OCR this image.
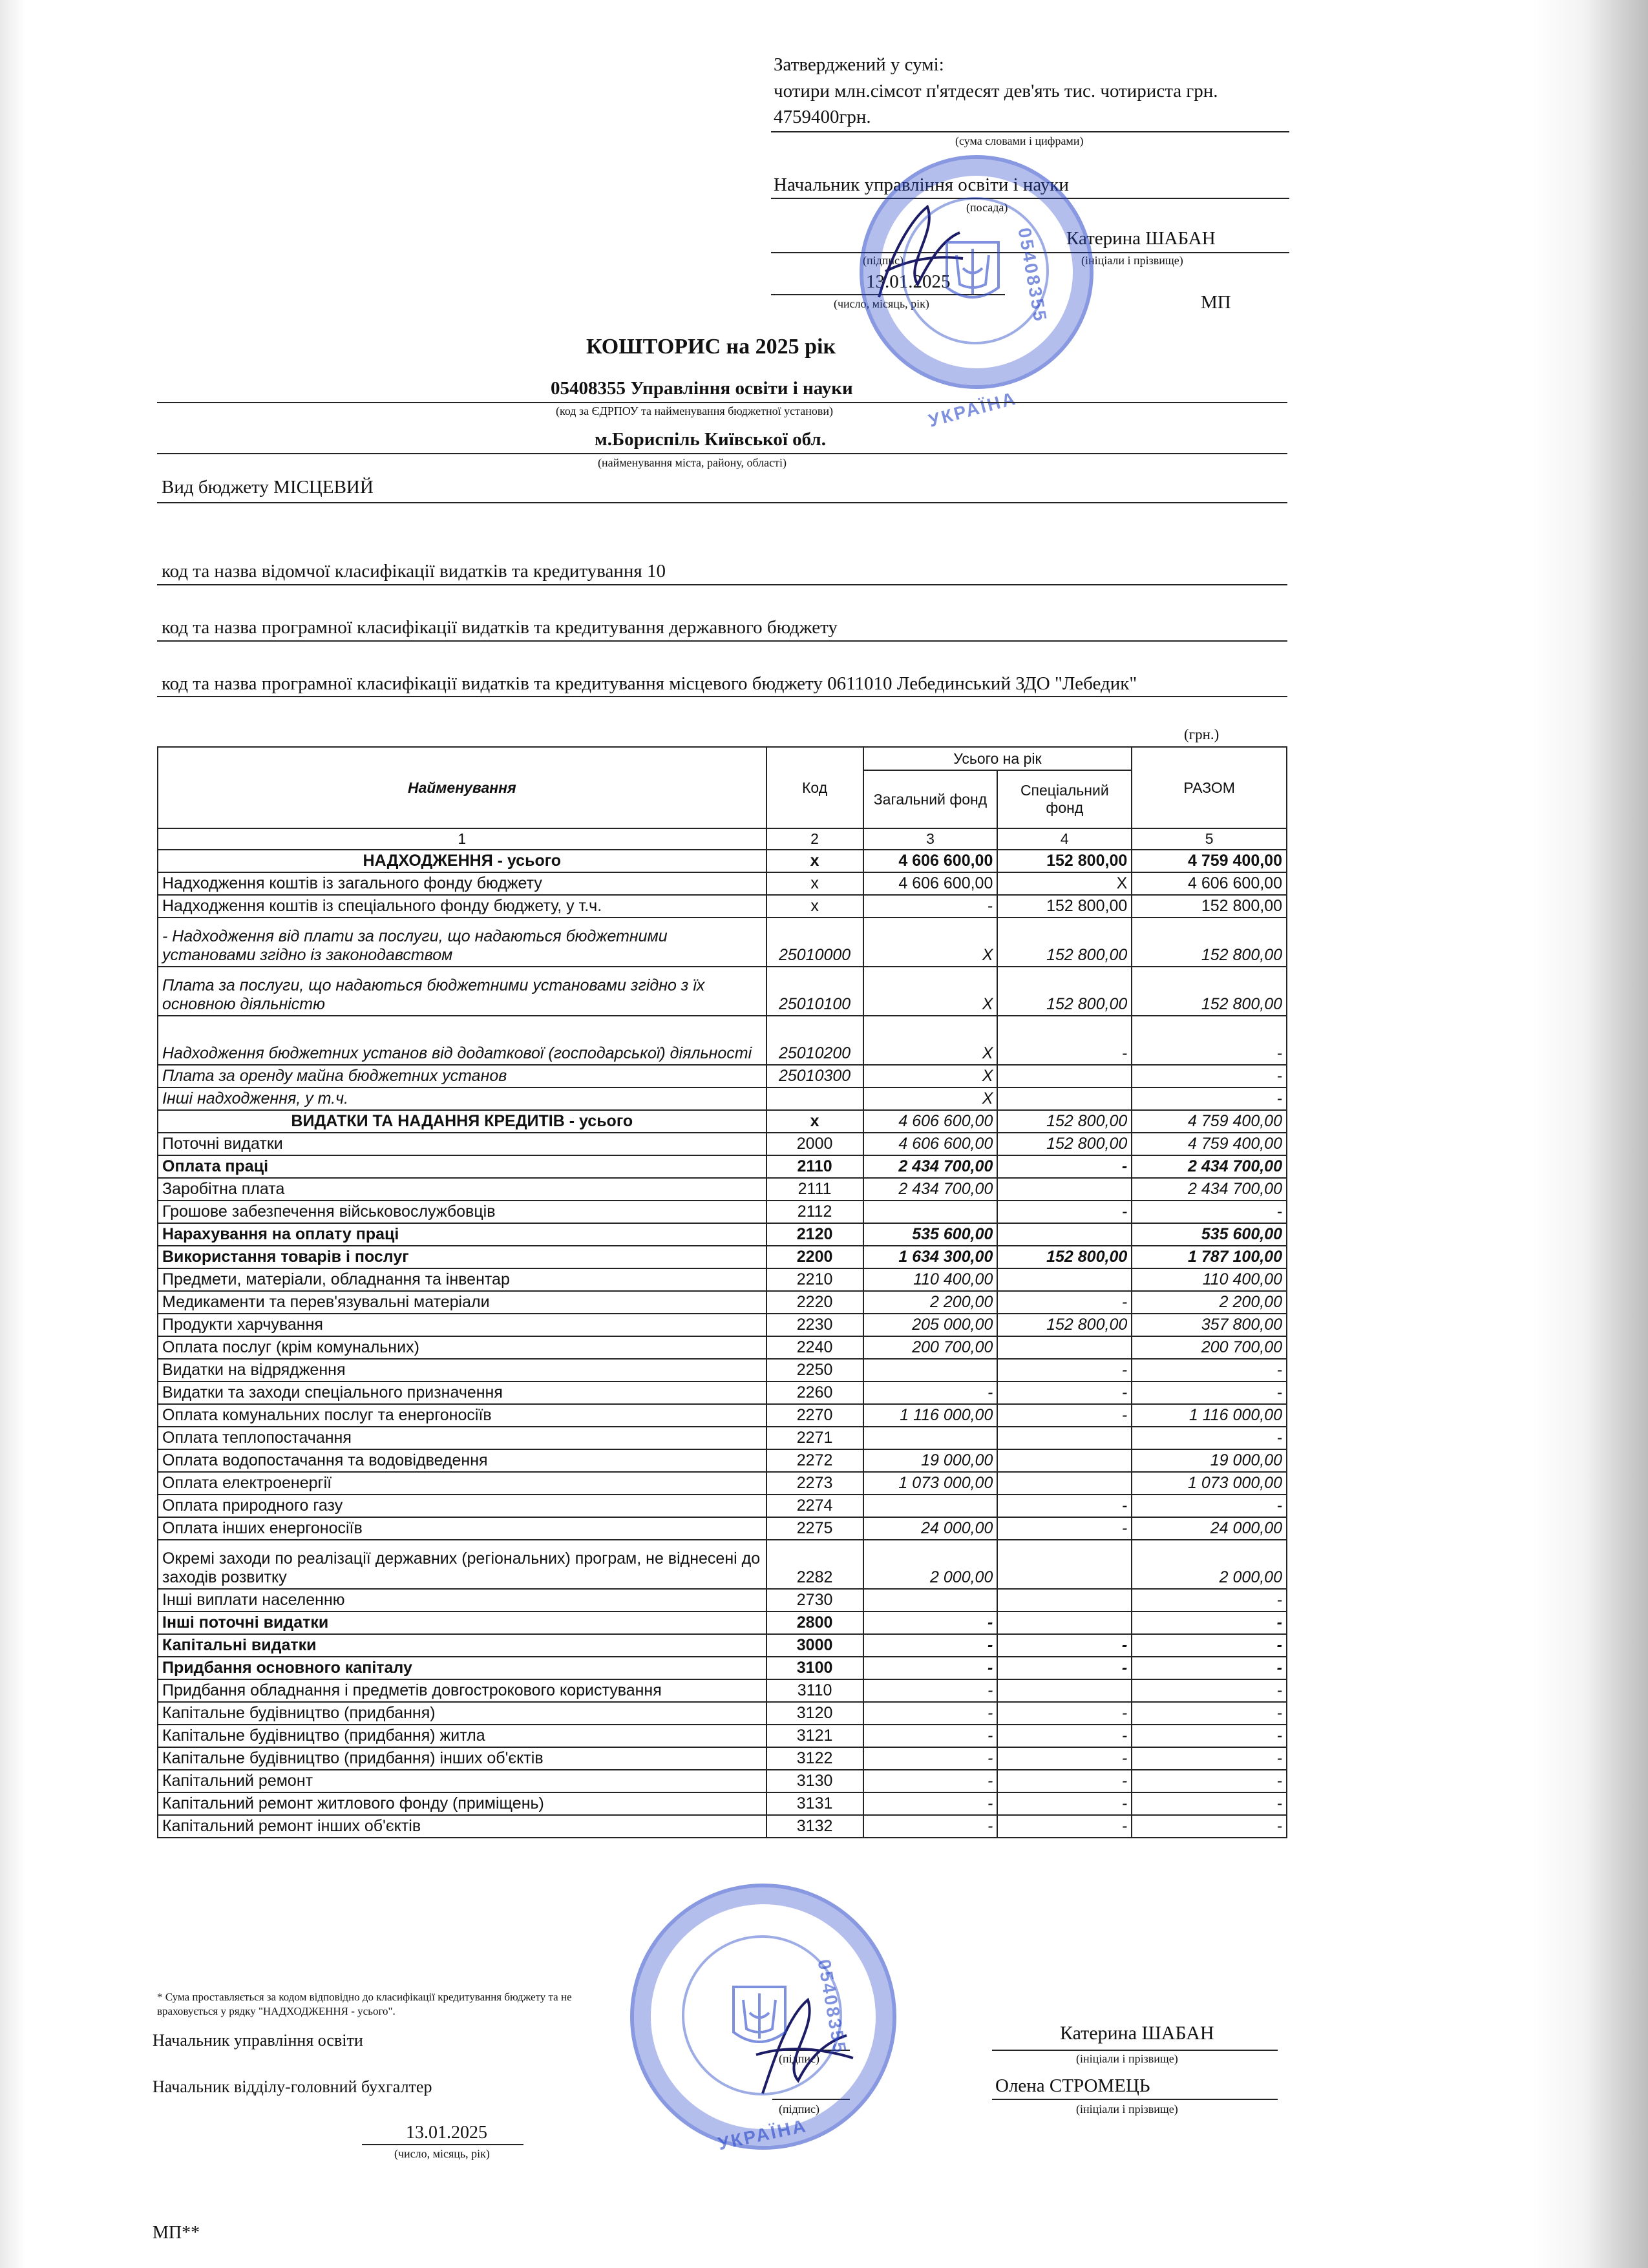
Затверджений у сумі:
чотири млн.сімсот п'ятдесят дев'ять тис. чотириста грн.
4759400грн.
(сума словами і цифрами)
Начальник управління освіти і науки
(посада)
Катерина ШАБАН
(підпис)	(ініціали і прізвище)
13.01.2025
(число, місяць, рік)	МП
05408355
УКРАЇНА
КОШТОРИС на 2025 рік
05408355 Управління освіти і науки
(код за ЄДРПОУ та найменування бюджетної установи)
м.Бориспіль Київської обл.
(найменування міста, району, області)
Вид бюджету МІСЦЕВИЙ
код та назва відомчої класифікації видатків та кредитування 10
код та назва програмної класифікації видатків та кредитування державного бюджету
код та назва програмної класифікації видатків та кредитування місцевого бюджету 0611010 Лебединський ЗДО "Лебедик"
(грн.)
Найменування	Код	Усього на рік		РАЗОМ
		Загальний фонд	Спеціальний фонд	
1	2	3	4	5
НАДХОДЖЕННЯ - усього	x	4 606 600,00	152 800,00	4 759 400,00
Надходження коштів із загального фонду бюджету	x	4 606 600,00	X	4 606 600,00
Надходження коштів із спеціального фонду бюджету, у т.ч.	x	-	152 800,00	152 800,00
- Надходження від плати за послуги, що надаються бюджетними установами згідно із законодавством	25010000	X	152 800,00	152 800,00
Плата за послуги, що надаються бюджетними установами згідно з їх основною діяльністю	25010100	X	152 800,00	152 800,00
Надходження бюджетних установ від додаткової (господарської) діяльності	25010200	X	-	-
Плата за оренду майна бюджетних установ	25010300	X		-
Інші надходження, у т.ч.		X		-
ВИДАТКИ ТА НАДАННЯ КРЕДИТІВ - усього	x	4 606 600,00	152 800,00	4 759 400,00
Поточні видатки	2000	4 606 600,00	152 800,00	4 759 400,00
Оплата праці	2110	2 434 700,00	-	2 434 700,00
Заробітна плата	2111	2 434 700,00		2 434 700,00
Грошове забезпечення військовослужбовців	2112		-	-
Нарахування на оплату праці	2120	535 600,00		535 600,00
Використання товарів і послуг	2200	1 634 300,00	152 800,00	1 787 100,00
Предмети, матеріали, обладнання та інвентар	2210	110 400,00		110 400,00
Медикаменти та перев'язувальні матеріали	2220	2 200,00	-	2 200,00
Продукти харчування	2230	205 000,00	152 800,00	357 800,00
Оплата послуг (крім комунальних)	2240	200 700,00		200 700,00
Видатки на відрядження	2250		-	-
Видатки та заходи спеціального призначення	2260	-	-	-
Оплата комунальних послуг та енергоносіїв	2270	1 116 000,00	-	1 116 000,00
Оплата теплопостачання	2271			-
Оплата водопостачання та водовідведення	2272	19 000,00		19 000,00
Оплата електроенергії	2273	1 073 000,00		1 073 000,00
Оплата природного газу	2274		-	-
Оплата інших енергоносіїв	2275	24 000,00	-	24 000,00
Окремі заходи по реалізації державних (регіональних) програм, не віднесені до заходів розвитку	2282	2 000,00		2 000,00
Інші виплати населенню	2730			-
Інші поточні видатки	2800	-		-
Капітальні видатки	3000	-	-	-
Придбання основного капіталу	3100	-	-	-
Придбання обладнання і предметів довгострокового користування	3110	-		-
Капітальне будівництво (придбання)	3120	-	-	-
Капітальне будівництво (придбання) житла	3121	-	-	-
Капітальне будівництво (придбання) інших об'єктів	3122	-	-	-
Капітальний ремонт	3130	-	-	-
Капітальний ремонт житлового фонду (приміщень)	3131	-	-	-
Капітальний ремонт інших об'єктів	3132	-	-	-
* Сума проставляється за кодом відповідно до класифікації кредитування бюджету та не
враховується у рядку "НАДХОДЖЕННЯ - усього".
Начальник управління освіти	Катерина ШАБАН
(підпис)	(ініціали і прізвище)
Начальник відділу-головний бухгалтер	Олена СТРОМЕЦЬ
(підпис)	(ініціали і прізвище)
13.01.2025
(число, місяць, рік)
МП**
05408355
УКРАЇНА
